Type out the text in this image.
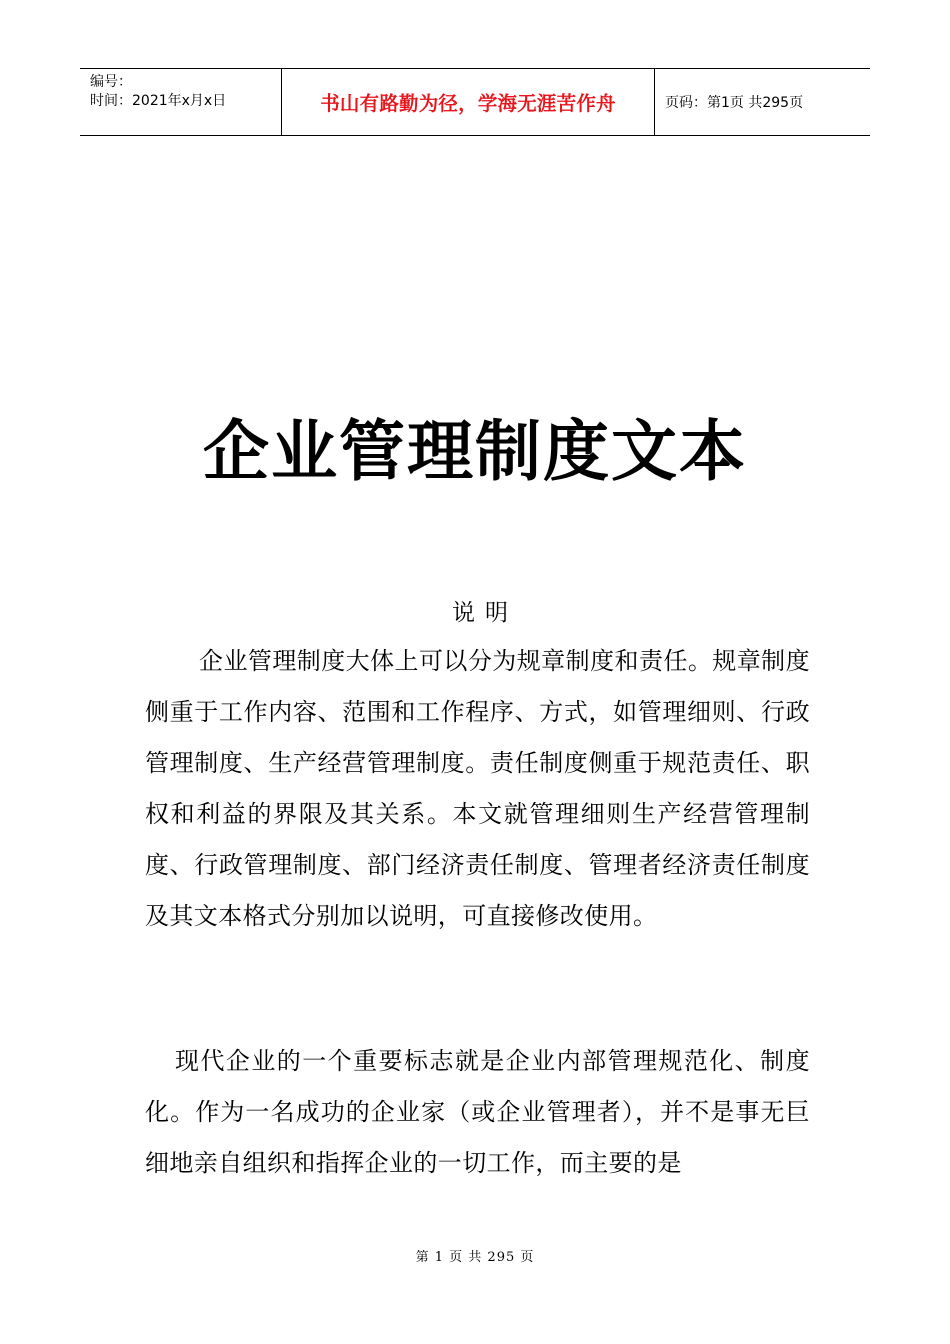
编号：
时间：2021年x月x日	书山有路勤为径，学海无涯苦作舟	页码：第1页 共295页
企业管理制度文本
说明

企业管理制度大体上可以分为规章制度和责任。规章制度侧重于工作内容、范围和工作程序、方式，如管理细则、行政管理制度、生产经营管理制度。责任制度侧重于规范责任、职权和利益的界限及其关系。本文就管理细则生产经营管理制度、行政管理制度、部门经济责任制度、管理者经济责任制度及其文本格式分别加以说明，可直接修改使用。

现代企业的一个重要标志就是企业内部管理规范化、制度化。作为一名成功的企业家（或企业管理者），并不是事无巨细地亲自组织和指挥企业的一切工作，而主要的是

第 1 页 共 295 页
